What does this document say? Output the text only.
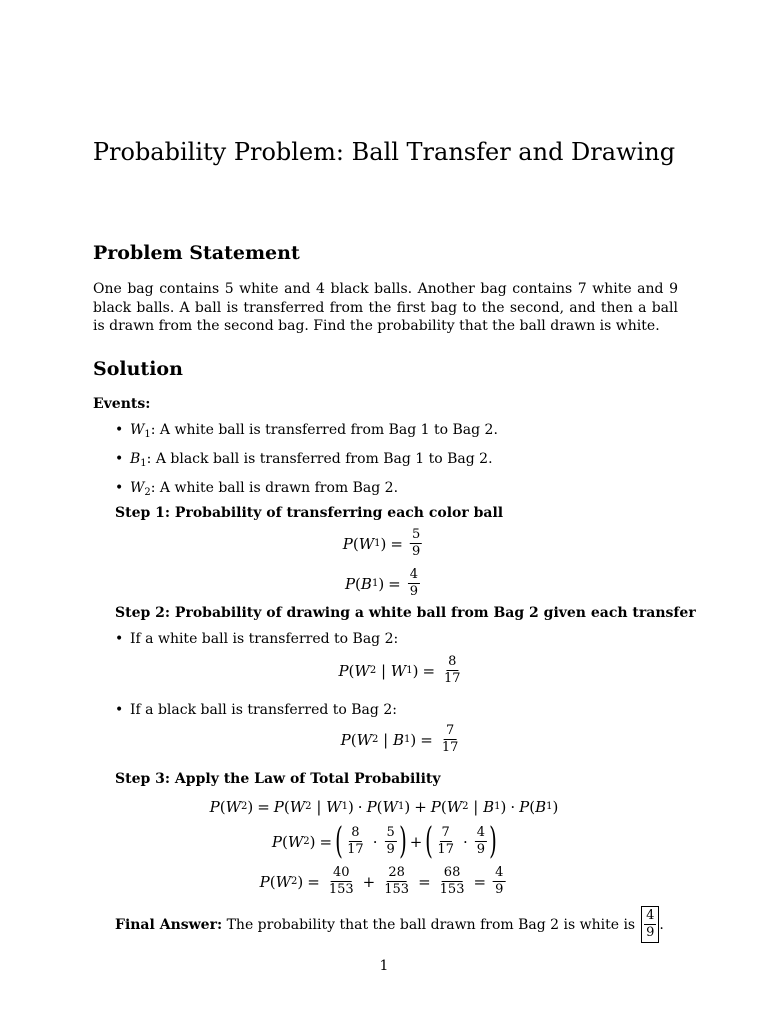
Probability Problem: Ball Transfer and Drawing
Problem Statement
One bag contains 5 white and 4 black balls. Another bag contains 7 white and 9 black balls. A ball is transferred from the first bag to the second, and then a ball is drawn from the second bag. Find the probability that the ball drawn is white.
Solution
Events:
• $W_1$: A white ball is transferred from Bag 1 to Bag 2.
• $B_1$: A black ball is transferred from Bag 1 to Bag 2.
• $W_2$: A white ball is drawn from Bag 2.
Step 1: Probability of transferring each color ball
P ( W 1 ) = $\frac{5}{9}$
P ( B 1 ) = $\frac{4}{9}$
Step 2: Probability of drawing a white ball from Bag 2 given each transfer
• If a white ball is transferred to Bag 2:
P ( W 2 | W 1 ) = $\frac{8}{17}$
• If a black ball is transferred to Bag 2:
P ( W 2 | B 1 ) = $\frac{7}{17}$
Step 3: Apply the Law of Total Probability
P ( W 2 ) = P ( W 2 | W 1 ) · P ( W 1 ) + P ( W 2 | B 1 ) · P ( B 1 )
P ( W 2 ) = ( $\frac{8}{17} \cdot \frac{5}{9}$ ) + ( $\frac{7}{17} \cdot \frac{4}{9}$ )
P ( W 2 ) = $\frac{40}{153} + \frac{28}{153} = \frac{68}{153} = \frac{4}{9}$
Final Answer:
The probability that the ball drawn from Bag 2 is white is $\frac{4}{9}$ .
1
